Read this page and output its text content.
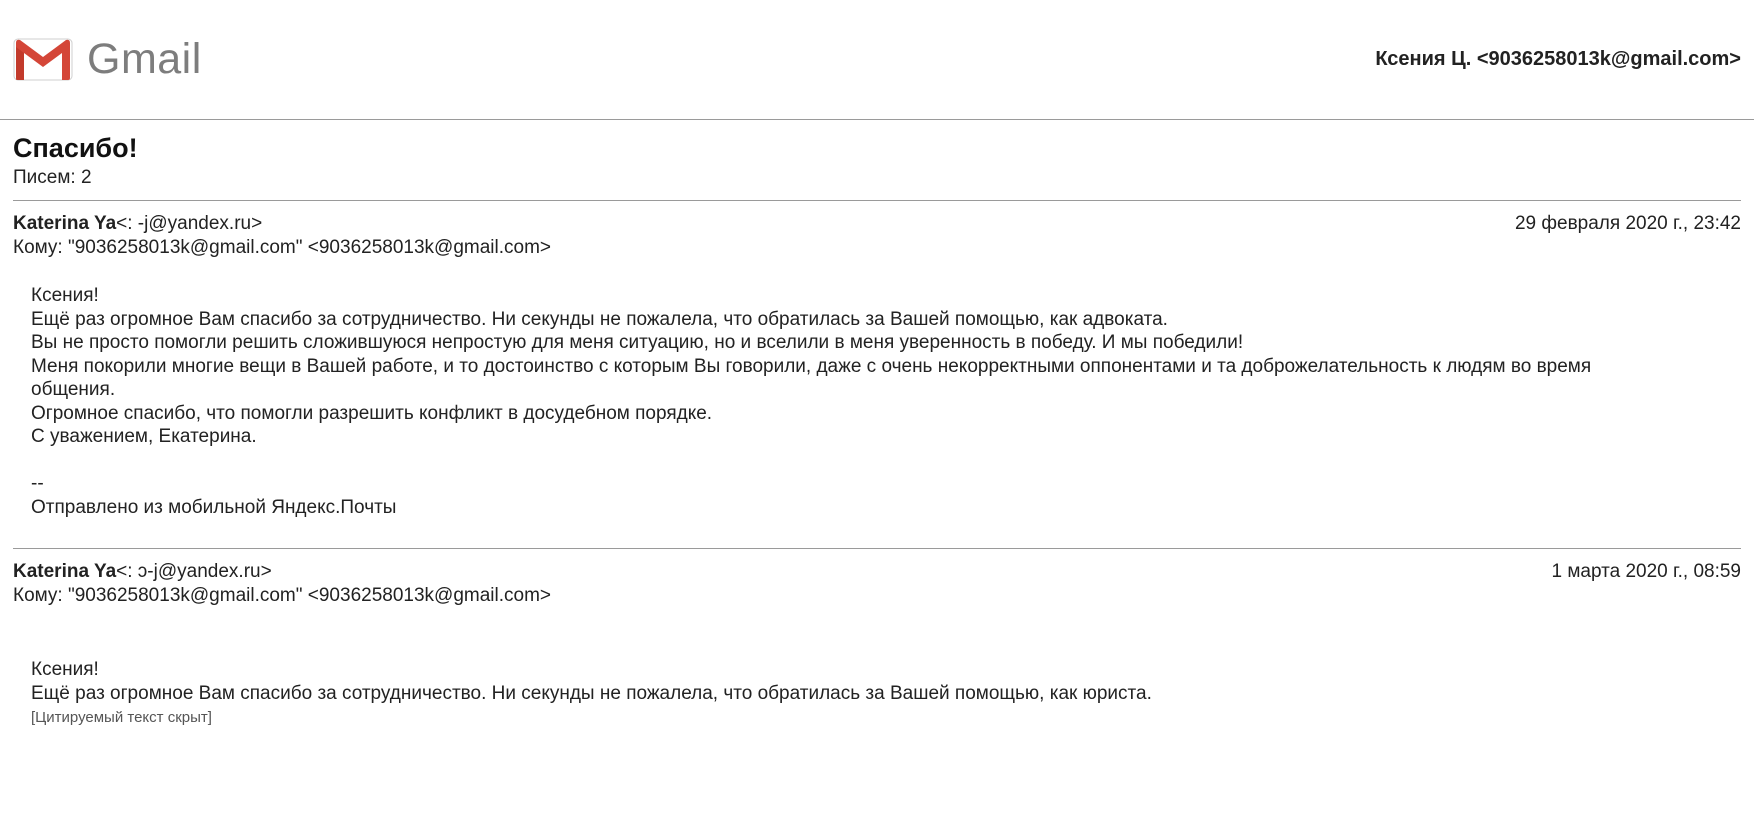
Gmail	Ксения Ц. <9036258013k@gmail.com>
Спасибо!
Писем: 2
Katerina Ya<: -j@yandex.ru>	29 февраля 2020 г., 23:42
Кому: "9036258013k@gmail.com" <9036258013k@gmail.com>
Ксения!
Ещё раз огромное Вам спасибо за сотрудничество. Ни секунды не пожалела, что обратилась за Вашей помощью, как адвоката.
Вы не просто помогли решить сложившуюся непростую для меня ситуацию, но и вселили в меня уверенность в победу. И мы победили!
Меня покорили многие вещи в Вашей работе, и то достоинство с которым Вы говорили, даже с очень некорректными оппонентами и та доброжелательность к людям во время
общения.
Огромное спасибо, что помогли разрешить конфликт в досудебном порядке.
С уважением, Екатерина.

--
Отправлено из мобильной Яндекс.Почты
Katerina Ya<: ɔ-j@yandex.ru>	1 марта 2020 г., 08:59
Кому: "9036258013k@gmail.com" <9036258013k@gmail.com>
Ксения!
Ещё раз огромное Вам спасибо за сотрудничество. Ни секунды не пожалела, что обратилась за Вашей помощью, как юриста.
[Цитируемый текст скрыт]
